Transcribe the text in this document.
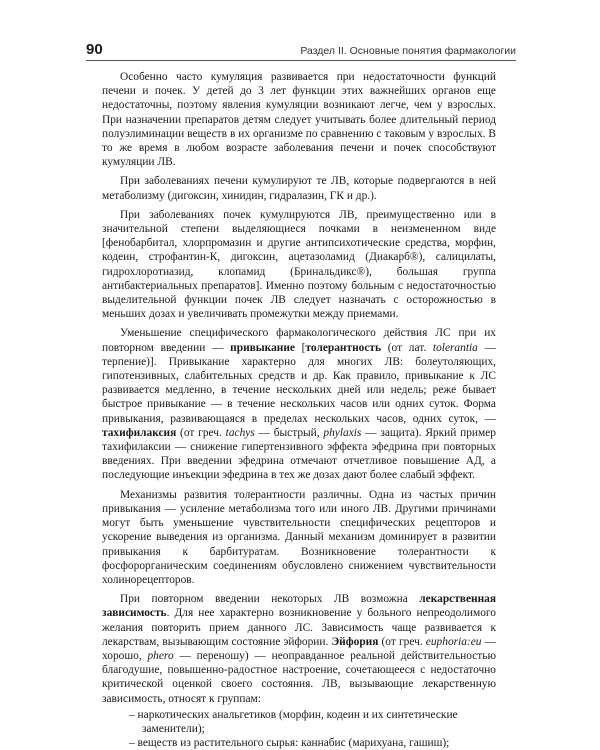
90	Раздел II. Основные понятия фармакологии

Особенно часто кумуляция развивается при недостаточности функций печени и почек. У детей до 3 лет функции этих важнейших органов еще недостаточны, поэтому явления кумуляции возникают легче, чем у взрослых. При назначении препаратов детям следует учитывать более длительный период полуэлиминации веществ в их организме по сравнению с таковым у взрослых. В то же время в любом возрасте заболевания печени и почек способствуют кумуляции ЛВ.

При заболеваниях печени кумулируют те ЛВ, которые подвергаются в ней метаболизму (дигоксин, хинидин, гидралазин, ГК и др.).

При заболеваниях почек кумулируются ЛВ, преимущественно или в значительной степени выделяющиеся почками в неизмененном виде [фенобарбитал, хлорпромазин и другие антипсихотические средства, морфин, кодеин, строфантин-К, дигоксин, ацетазоламид (Диакарб®), салицилаты, гидрохлоротиазид, клопамид (Бринальдикс®), большая группа антибактериальных препаратов]. Именно поэтому больным с недостаточностью выделительной функции почек ЛВ следует назначать с осторожностью в меньших дозах и увеличивать промежутки между приемами.

Уменьшение специфического фармакологического действия ЛС при их повторном введении — привыкание [толерантность (от лат. tolerantia — терпение)]. Привыкание характерно для многих ЛВ: болеутоляющих, гипотензивных, слабительных средств и др. Как правило, привыкание к ЛС развивается медленно, в течение нескольких дней или недель; реже бывает быстрое привыкание — в течение нескольких часов или одних суток. Форма привыкания, развивающаяся в пределах нескольких часов, одних суток, — тахифилаксия (от греч. tachys — быстрый, phylaxis — защита). Яркий пример тахифилаксии — снижение гипертензивного эффекта эфедрина при повторных введениях. При введении эфедрина отмечают отчетливое повышение АД, а последующие инъекции эфедрина в тех же дозах дают более слабый эффект.

Механизмы развития толерантности различны. Одна из частых причин привыкания — усиление метаболизма того или иного ЛВ. Другими причинами могут быть уменьшение чувствительности специфических рецепторов и ускорение выведения из организма. Данный механизм доминирует в развитии привыкания к барбитуратам. Возникновение толерантности к фосфорорганическим соединениям обусловлено снижением чувствительности холинорецепторов.

При повторном введении некоторых ЛВ возможна лекарственная зависимость. Для нее характерно возникновение у больного непреодолимого желания повторить прием данного ЛС. Зависимость чаще развивается к лекарствам, вызывающим состояние эйфории. Эйфория (от греч. euphoria:eu — хорошо, phero — переношу) — неоправданное реальной действительностью благодушие, повышенно-радостное настроение, сочетающееся с недостаточно критической оценкой своего состояния. ЛВ, вызывающие лекарственную зависимость, относят к группам:

– наркотических анальгетиков (морфин, кодеин и их синтетические заменители);
– веществ из растительного сырья: каннабис (марихуана, гашиш);
